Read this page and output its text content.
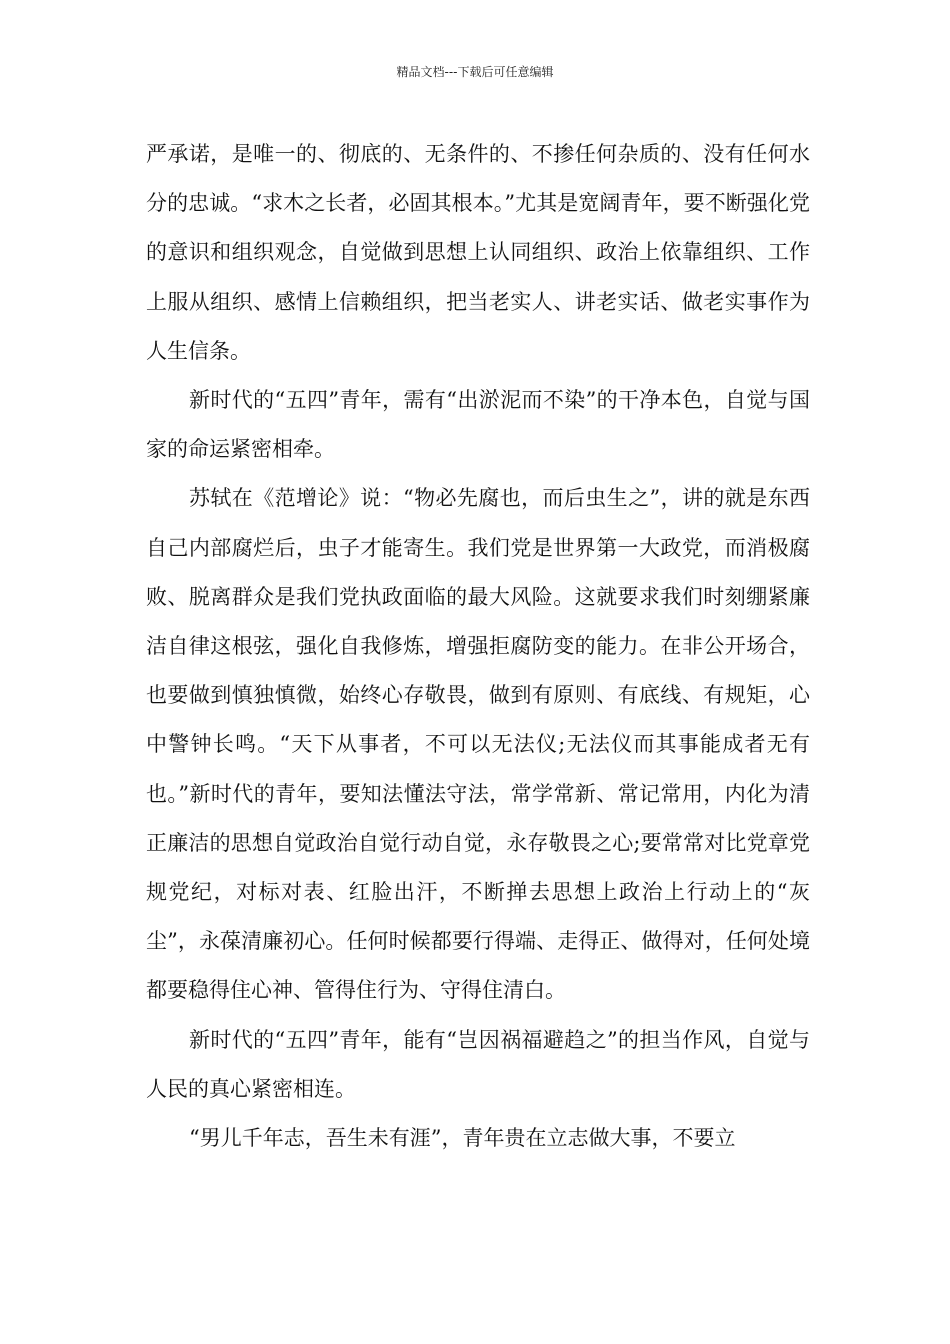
精品文档---下载后可任意编辑

严承诺，是唯一的、彻底的、无条件的、不掺任何杂质的、没有任何水分的忠诚。“求木之长者，必固其根本。”尤其是宽阔青年，要不断强化党的意识和组织观念，自觉做到思想上认同组织、政治上依靠组织、工作上服从组织、感情上信赖组织，把当老实人、讲老实话、做老实事作为人生信条。

新时代的“五四”青年，需有“出淤泥而不染”的干净本色，自觉与国家的命运紧密相牵。

苏轼在《范增论》说：“物必先腐也，而后虫生之”，讲的就是东西自己内部腐烂后，虫子才能寄生。我们党是世界第一大政党，而消极腐败、脱离群众是我们党执政面临的最大风险。这就要求我们时刻绷紧廉洁自律这根弦，强化自我修炼，增强拒腐防变的能力。在非公开场合，也要做到慎独慎微，始终心存敬畏，做到有原则、有底线、有规矩，心中警钟长鸣。“天下从事者，不可以无法仪;无法仪而其事能成者无有也。”新时代的青年，要知法懂法守法，常学常新、常记常用，内化为清正廉洁的思想自觉政治自觉行动自觉，永存敬畏之心;要常常对比党章党规党纪，对标对表、红脸出汗，不断掸去思想上政治上行动上的“灰尘”，永葆清廉初心。任何时候都要行得端、走得正、做得对，任何处境都要稳得住心神、管得住行为、守得住清白。

新时代的“五四”青年，能有“岂因祸福避趋之”的担当作风，自觉与人民的真心紧密相连。

“男儿千年志，吾生未有涯”，青年贵在立志做大事，不要立
